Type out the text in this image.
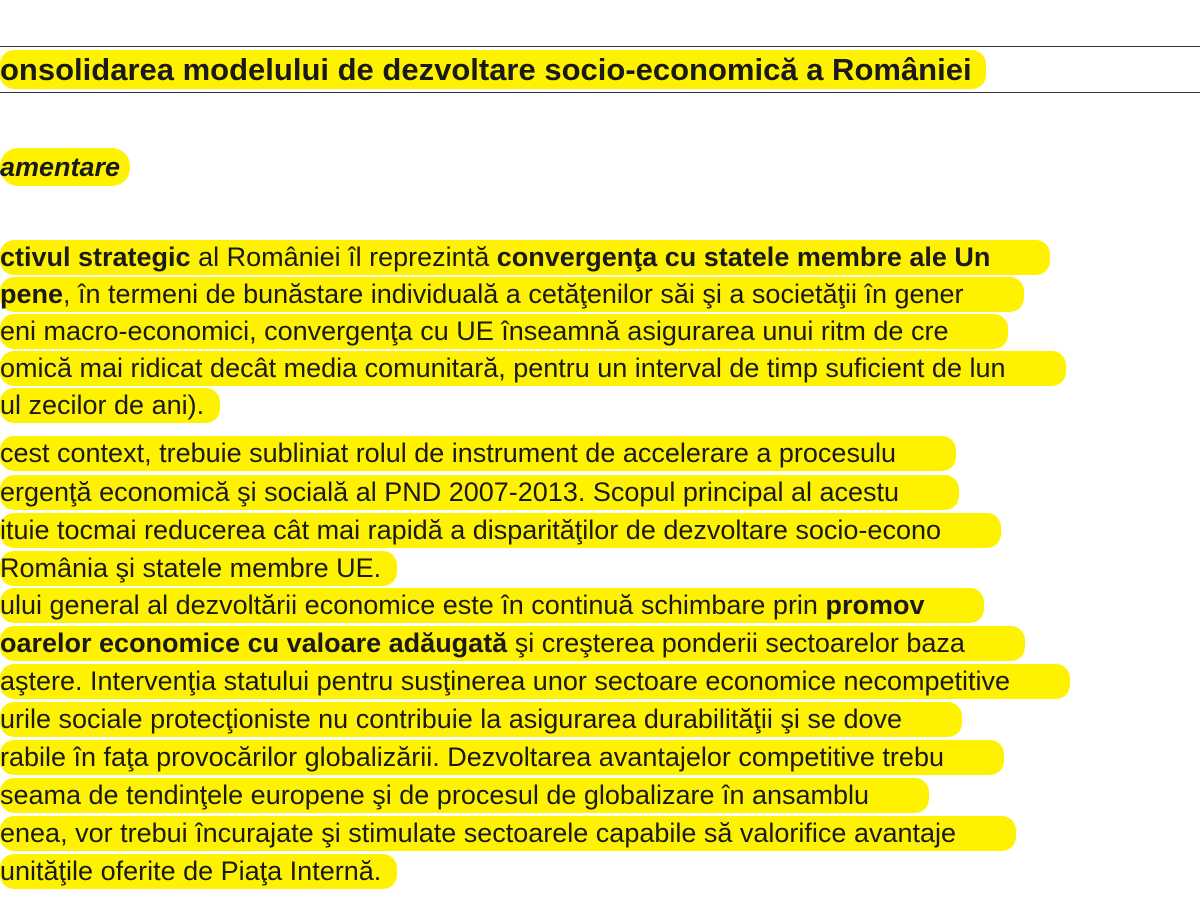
onsolidarea modelului de dezvoltare socio-economică a României
amentare
ctivul strategic al României îl reprezintă convergenţa cu statele membre ale Un
pene, în termeni de bunăstare individuală a cetăţenilor săi şi a societăţii în gener
eni macro-economici, convergenţa cu UE înseamnă asigurarea unui ritm de cre
omică mai ridicat decât media comunitară, pentru un interval de timp suficient de lun
ul zecilor de ani).
cest context, trebuie subliniat rolul de instrument de accelerare a procesulu
ergenţă economică şi socială al PND 2007-2013. Scopul principal al acestu
ituie tocmai reducerea cât mai rapidă a disparităţilor de dezvoltare socio-econo
România şi statele membre UE.
ului general al dezvoltării economice este în continuă schimbare prin promov
oarelor economice cu valoare adăugată şi creşterea ponderii sectoarelor baza
aştere. Intervenţia statului pentru susţinerea unor sectoare economice necompetitive
urile sociale protecţioniste nu contribuie la asigurarea durabilităţii şi se dove
rabile în faţa provocărilor globalizării. Dezvoltarea avantajelor competitive trebu
seama de tendinţele europene şi de procesul de globalizare în ansamblu
enea, vor trebui încurajate şi stimulate sectoarele capabile să valorifice avantaje
unităţile oferite de Piaţa Internă.
